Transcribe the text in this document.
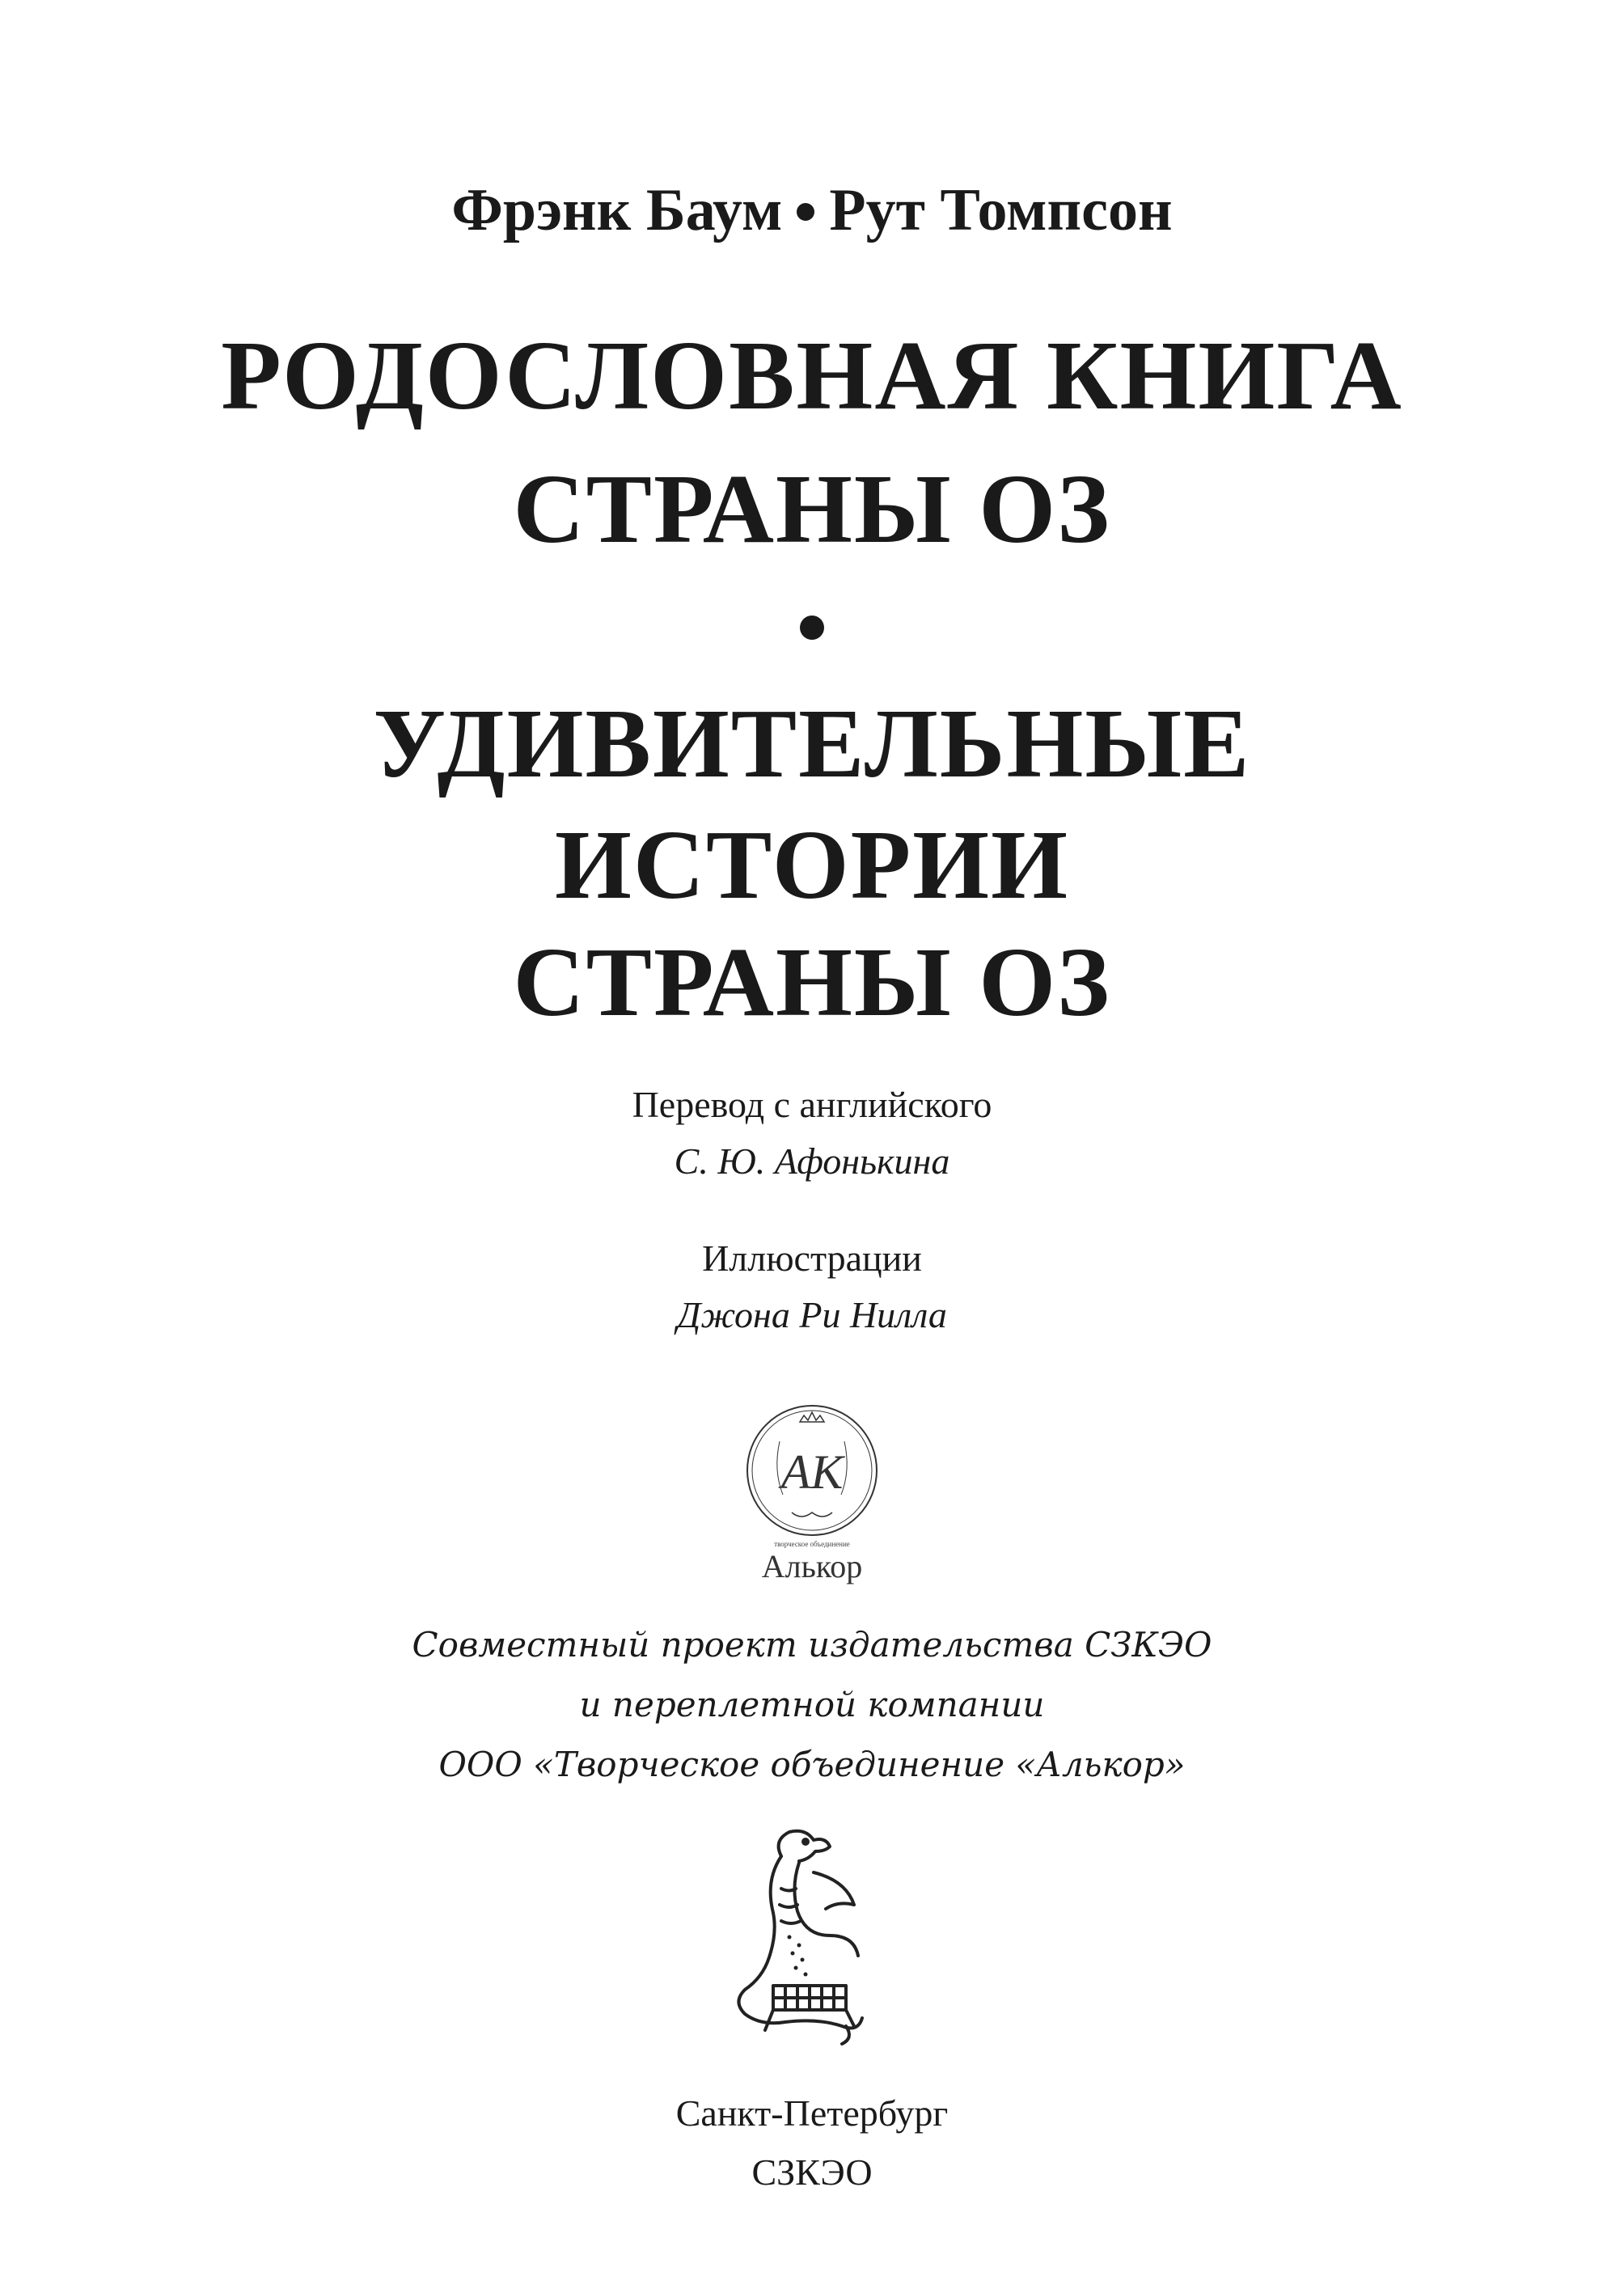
Фрэнк Баум Рут Томпсон
РОДОСЛОВНАЯ КНИГА
СТРАНЫ ОЗ
УДИВИТЕЛЬНЫЕ
ИСТОРИИ
СТРАНЫ ОЗ
Перевод с английского
С. Ю. Афонькина
Иллюстрации
Джона Ри Нилла
АК
творческое объединение
Алькор
Совместный проект издательства СЗКЭО
и переплетной компании
ООО «Творческое объединение «Алькор»
Санкт-Петербург
СЗКЭО
